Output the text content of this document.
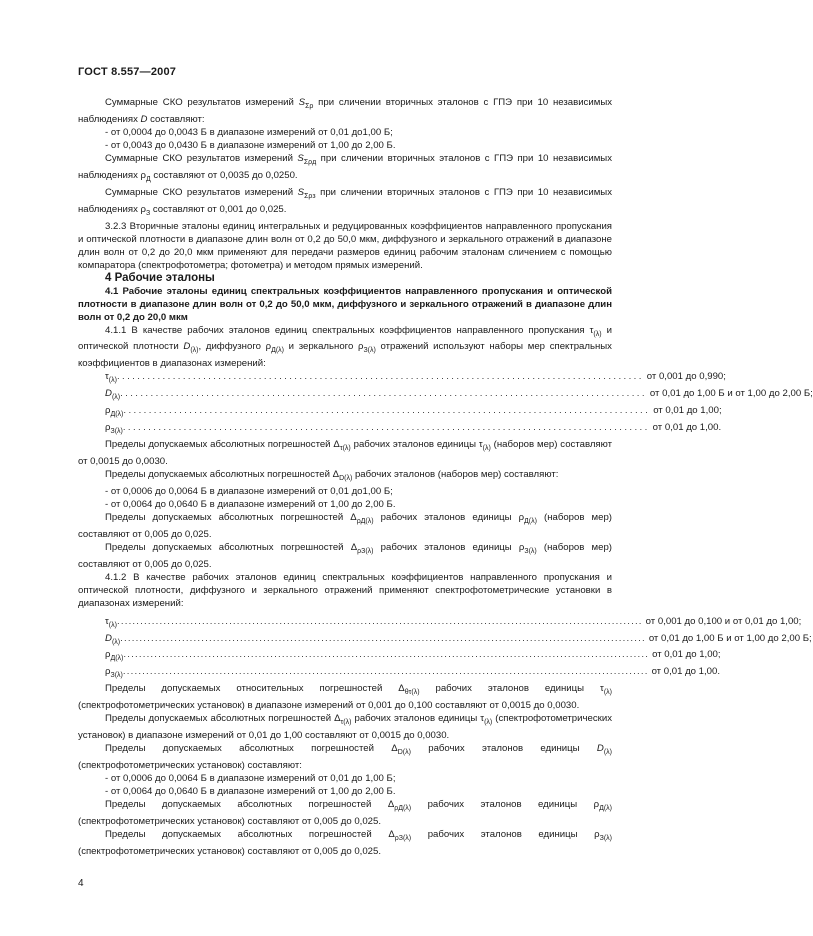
ГОСТ 8.557—2007

Суммарные СКО результатов измерений $S_{\Sigma\rho}$ при сличении вторичных эталонов с ГПЭ при 10 независимых наблюдениях D составляют:

- от 0,0004 до 0,0043 Б в диапазоне измерений от 0,01 до1,00 Б;

- от 0,0043 до 0,0430 Б в диапазоне измерений от 1,00 до 2,00 Б.

Суммарные СКО результатов измерений $S_{\Sigma\rho д}$ при сличении вторичных эталонов с ГПЭ при 10 независимых наблюдениях $\rho_Д$ составляют от 0,0035 до 0,0250.

Суммарные СКО результатов измерений $S_{\Sigma\rho з}$ при сличении вторичных эталонов с ГПЭ при 10 независимых наблюдениях $\rho_З$ составляют от 0,001 до 0,025.

3.2.3 Вторичные эталоны единиц интегральных и редуцированных коэффициентов направленного пропускания и оптической плотности в диапазоне длин волн от 0,2 до 50,0 мкм, диффузного и зеркального отражений в диапазоне длин волн от 0,2 до 20,0 мкм применяют для передачи размеров единиц рабочим эталонам сличением с помощью компаратора (спектрофотометра; фотометра) и методом прямых измерений.

4 Рабочие эталоны

4.1 Рабочие эталоны единиц спектральных коэффициентов направленного пропускания и оптической плотности в диапазоне длин волн от 0,2 до 50,0 мкм, диффузного и зеркального отражений в диапазоне длин волн от 0,2 до 20,0 мкм

4.1.1 В качестве рабочих эталонов единиц спектральных коэффициентов направленного пропускания $\tau_{(\lambda)}$ и оптической плотности $D_{(\lambda)}$, диффузного $\rho_{Д(\lambda)}$ и зеркального $\rho_{З(\lambda)}$ отражений используют наборы мер спектральных коэффициентов в диапазонах измерений:

$\tau_{(\lambda)}$ ........................................................................................................ от 0,001 до 0,990;
$D_{(\lambda)}$ ........................................................................................................ от 0,01 до 1,00 Б и от 1,00 до 2,00 Б;
$\rho_{Д(\lambda)}$ ........................................................................................................ от 0,01 до 1,00;
$\rho_{З(\lambda)}$ ........................................................................................................ от 0,01 до 1,00.

Пределы допускаемых абсолютных погрешностей $\Delta_{\tau(\lambda)}$ рабочих эталонов единицы $\tau_{(\lambda)}$ (наборов мер) составляют от 0,0015 до 0,0030.

Пределы допускаемых абсолютных погрешностей $\Delta_{D(\lambda)}$ рабочих эталонов (наборов мер) составляют:

- от 0,0006 до 0,0064 Б в диапазоне измерений от 0,01 до1,00 Б;

- от 0,0064 до 0,0640 Б в диапазоне измерений от 1,00 до 2,00 Б.

Пределы допускаемых абсолютных погрешностей $\Delta_{\rho Д(\lambda)}$ рабочих эталонов единицы $\rho_{Д(\lambda)}$ (наборов мер) составляют от 0,005 до 0,025.

Пределы допускаемых абсолютных погрешностей $\Delta_{\rho З(\lambda)}$ рабочих эталонов единицы $\rho_{З(\lambda)}$ (наборов мер) составляют от 0,005 до 0,025.

4.1.2 В качестве рабочих эталонов единиц спектральных коэффициентов направленного пропускания и оптической плотности, диффузного и зеркального отражений применяют спектрофотометрические установки в диапазонах измерений:

$\tau_{(\lambda)}$ ........................................................................................................................................ от 0,001 до 0,100 и от 0,01 до 1,00;
$D_{(\lambda)}$ ........................................................................................................................................ от 0,01 до 1,00 Б и от 1,00 до 2,00 Б;
$\rho_{Д(\lambda)}$ ........................................................................................................................................ от 0,01 до 1,00;
$\rho_{З(\lambda)}$ ........................................................................................................................................ от 0,01 до 1,00.

Пределы допускаемых относительных погрешностей $\Delta_{\theta\tau(\lambda)}$ рабочих эталонов единицы $\tau_{(\lambda)}$ (спектрофотометрических установок) в диапазоне измерений от 0,001 до 0,100 составляют от 0,0015 до 0,0030.

Пределы допускаемых абсолютных погрешностей $\Delta_{\tau(\lambda)}$ рабочих эталонов единицы $\tau_{(\lambda)}$ (спектрофотометрических установок) в диапазоне измерений от 0,01 до 1,00 составляют от 0,0015 до 0,0030.

Пределы допускаемых абсолютных погрешностей $\Delta_{D(\lambda)}$ рабочих эталонов единицы $D_{(\lambda)}$ (спектрофотометрических установок) составляют:

- от 0,0006 до 0,0064 Б в диапазоне измерений от 0,01 до 1,00 Б;

- от 0,0064 до 0,0640 Б в диапазоне измерений от 1,00 до 2,00 Б.

Пределы допускаемых абсолютных погрешностей $\Delta_{\rho Д(\lambda)}$ рабочих эталонов единицы $\rho_{Д(\lambda)}$ (спектрофотометрических установок) составляют от 0,005 до 0,025.

Пределы допускаемых абсолютных погрешностей $\Delta_{\rho З(\lambda)}$ рабочих эталонов единицы $\rho_{З(\lambda)}$ (спектрофотометрических установок) составляют от 0,005 до 0,025.

4
